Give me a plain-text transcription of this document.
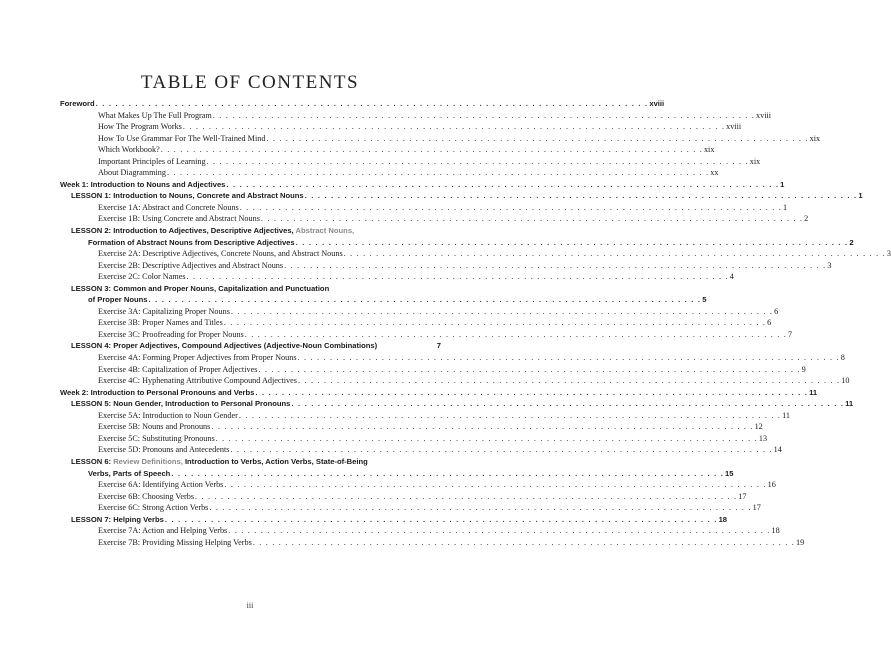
TABLE OF CONTENTS
Foreword . . . . . . . . . . . . . . . . . . . . . . . . . . . . . . . . . . . . . . . . . . . . . . . . . . . . . . . . . . . . . . . . . . . . . . . . . . . . . . . . . . . . xviii
What Makes Up The Full Program . . . . . . . . . . . . . . . . . . . . . . . . . . . . . . . . . . . . . . . . . . . . . . . . . . . . . . . . . . . . . . . . . . . . . . . . . . . . . . . . . . . . xviii
How The Program Works . . . . . . . . . . . . . . . . . . . . . . . . . . . . . . . . . . . . . . . . . . . . . . . . . . . . . . . . . . . . . . . . . . . . . . . . . . . . . . . . . . . . xviii
How To Use Grammar For The Well-Trained Mind . . . . . . . . . . . . . . . . . . . . . . . . . . . . . . . . . . . . . . . . . . . . . . . . . . . . . . . . . . . . . . . . . . . . . . . . . . . . . . . . . . . . xix
Which Workbook? . . . . . . . . . . . . . . . . . . . . . . . . . . . . . . . . . . . . . . . . . . . . . . . . . . . . . . . . . . . . . . . . . . . . . . . . . . . . . . . . . . . . xix
Important Principles of Learning . . . . . . . . . . . . . . . . . . . . . . . . . . . . . . . . . . . . . . . . . . . . . . . . . . . . . . . . . . . . . . . . . . . . . . . . . . . . . . . . . . . . xix
About Diagramming . . . . . . . . . . . . . . . . . . . . . . . . . . . . . . . . . . . . . . . . . . . . . . . . . . . . . . . . . . . . . . . . . . . . . . . . . . . . . . . . . . . . xx
Week 1: Introduction to Nouns and Adjectives . . . . . . . . . . . . . . . . . . . . . . . . . . . . . . . . . . . . . . . . . . . . . . . . . . . . . . . . . . . . . . . . . . . . . . . . . . . . . . . . . . . . 1
LESSON 1: Introduction to Nouns, Concrete and Abstract Nouns . . . . . . . . . . . . . . . . . . . . . . . . . . . . . . . . . . . . . . . . . . . . . . . . . . . . . . . . . . . . . . . . . . . . . . . . . . . . . . . . . . . . 1
Exercise 1A: Abstract and Concrete Nouns . . . . . . . . . . . . . . . . . . . . . . . . . . . . . . . . . . . . . . . . . . . . . . . . . . . . . . . . . . . . . . . . . . . . . . . . . . . . . . . . . . . . 1
Exercise 1B: Using Concrete and Abstract Nouns . . . . . . . . . . . . . . . . . . . . . . . . . . . . . . . . . . . . . . . . . . . . . . . . . . . . . . . . . . . . . . . . . . . . . . . . . . . . . . . . . . . . 2
LESSON 2: Introduction to Adjectives, Descriptive Adjectives, Abstract Nouns,
Formation of Abstract Nouns from Descriptive Adjectives . . . . . . . . . . . . . . . . . . . . . . . . . . . . . . . . . . . . . . . . . . . . . . . . . . . . . . . . . . . . . . . . . . . . . . . . . . . . . . . . . . . . 2
Exercise 2A: Descriptive Adjectives, Concrete Nouns, and Abstract Nouns . . . . . . . . . . . . . . . . . . . . . . . . . . . . . . . . . . . . . . . . . . . . . . . . . . . . . . . . . . . . . . . . . . . . . . . . . . . . . . . . . . . . 3
Exercise 2B: Descriptive Adjectives and Abstract Nouns . . . . . . . . . . . . . . . . . . . . . . . . . . . . . . . . . . . . . . . . . . . . . . . . . . . . . . . . . . . . . . . . . . . . . . . . . . . . . . . . . . . . 3
Exercise 2C: Color Names . . . . . . . . . . . . . . . . . . . . . . . . . . . . . . . . . . . . . . . . . . . . . . . . . . . . . . . . . . . . . . . . . . . . . . . . . . . . . . . . . . . . 4
LESSON 3: Common and Proper Nouns, Capitalization and Punctuation
of Proper Nouns . . . . . . . . . . . . . . . . . . . . . . . . . . . . . . . . . . . . . . . . . . . . . . . . . . . . . . . . . . . . . . . . . . . . . . . . . . . . . . . . . . . . 5
Exercise 3A: Capitalizing Proper Nouns . . . . . . . . . . . . . . . . . . . . . . . . . . . . . . . . . . . . . . . . . . . . . . . . . . . . . . . . . . . . . . . . . . . . . . . . . . . . . . . . . . . . 6
Exercise 3B: Proper Names and Titles . . . . . . . . . . . . . . . . . . . . . . . . . . . . . . . . . . . . . . . . . . . . . . . . . . . . . . . . . . . . . . . . . . . . . . . . . . . . . . . . . . . . 6
Exercise 3C: Proofreading for Proper Nouns . . . . . . . . . . . . . . . . . . . . . . . . . . . . . . . . . . . . . . . . . . . . . . . . . . . . . . . . . . . . . . . . . . . . . . . . . . . . . . . . . . . . 7
LESSON 4: Proper Adjectives, Compound Adjectives (Adjective-Noun Combinations)	7
Exercise 4A: Forming Proper Adjectives from Proper Nouns . . . . . . . . . . . . . . . . . . . . . . . . . . . . . . . . . . . . . . . . . . . . . . . . . . . . . . . . . . . . . . . . . . . . . . . . . . . . . . . . . . . . 8
Exercise 4B: Capitalization of Proper Adjectives . . . . . . . . . . . . . . . . . . . . . . . . . . . . . . . . . . . . . . . . . . . . . . . . . . . . . . . . . . . . . . . . . . . . . . . . . . . . . . . . . . . . 9
Exercise 4C: Hyphenating Attributive Compound Adjectives . . . . . . . . . . . . . . . . . . . . . . . . . . . . . . . . . . . . . . . . . . . . . . . . . . . . . . . . . . . . . . . . . . . . . . . . . . . . . . . . . . . . 10
Week 2: Introduction to Personal Pronouns and Verbs . . . . . . . . . . . . . . . . . . . . . . . . . . . . . . . . . . . . . . . . . . . . . . . . . . . . . . . . . . . . . . . . . . . . . . . . . . . . . . . . . . . . 11
LESSON 5: Noun Gender, Introduction to Personal Pronouns . . . . . . . . . . . . . . . . . . . . . . . . . . . . . . . . . . . . . . . . . . . . . . . . . . . . . . . . . . . . . . . . . . . . . . . . . . . . . . . . . . . . 11
Exercise 5A: Introduction to Noun Gender . . . . . . . . . . . . . . . . . . . . . . . . . . . . . . . . . . . . . . . . . . . . . . . . . . . . . . . . . . . . . . . . . . . . . . . . . . . . . . . . . . . . 11
Exercise 5B: Nouns and Pronouns . . . . . . . . . . . . . . . . . . . . . . . . . . . . . . . . . . . . . . . . . . . . . . . . . . . . . . . . . . . . . . . . . . . . . . . . . . . . . . . . . . . . 12
Exercise 5C: Substituting Pronouns . . . . . . . . . . . . . . . . . . . . . . . . . . . . . . . . . . . . . . . . . . . . . . . . . . . . . . . . . . . . . . . . . . . . . . . . . . . . . . . . . . . . 13
Exercise 5D: Pronouns and Antecedents . . . . . . . . . . . . . . . . . . . . . . . . . . . . . . . . . . . . . . . . . . . . . . . . . . . . . . . . . . . . . . . . . . . . . . . . . . . . . . . . . . . . 14
LESSON 6: Review Definitions, Introduction to Verbs, Action Verbs, State-of-Being
Verbs, Parts of Speech . . . . . . . . . . . . . . . . . . . . . . . . . . . . . . . . . . . . . . . . . . . . . . . . . . . . . . . . . . . . . . . . . . . . . . . . . . . . . . . . . . . . 15
Exercise 6A: Identifying Action Verbs . . . . . . . . . . . . . . . . . . . . . . . . . . . . . . . . . . . . . . . . . . . . . . . . . . . . . . . . . . . . . . . . . . . . . . . . . . . . . . . . . . . . 16
Exercise 6B: Choosing Verbs . . . . . . . . . . . . . . . . . . . . . . . . . . . . . . . . . . . . . . . . . . . . . . . . . . . . . . . . . . . . . . . . . . . . . . . . . . . . . . . . . . . . 17
Exercise 6C: Strong Action Verbs . . . . . . . . . . . . . . . . . . . . . . . . . . . . . . . . . . . . . . . . . . . . . . . . . . . . . . . . . . . . . . . . . . . . . . . . . . . . . . . . . . . . 17
LESSON 7: Helping Verbs . . . . . . . . . . . . . . . . . . . . . . . . . . . . . . . . . . . . . . . . . . . . . . . . . . . . . . . . . . . . . . . . . . . . . . . . . . . . . . . . . . . . 18
Exercise 7A: Action and Helping Verbs . . . . . . . . . . . . . . . . . . . . . . . . . . . . . . . . . . . . . . . . . . . . . . . . . . . . . . . . . . . . . . . . . . . . . . . . . . . . . . . . . . . . 18
Exercise 7B: Providing Missing Helping Verbs . . . . . . . . . . . . . . . . . . . . . . . . . . . . . . . . . . . . . . . . . . . . . . . . . . . . . . . . . . . . . . . . . . . . . . . . . . . . . . . . . . . . 19
iii
